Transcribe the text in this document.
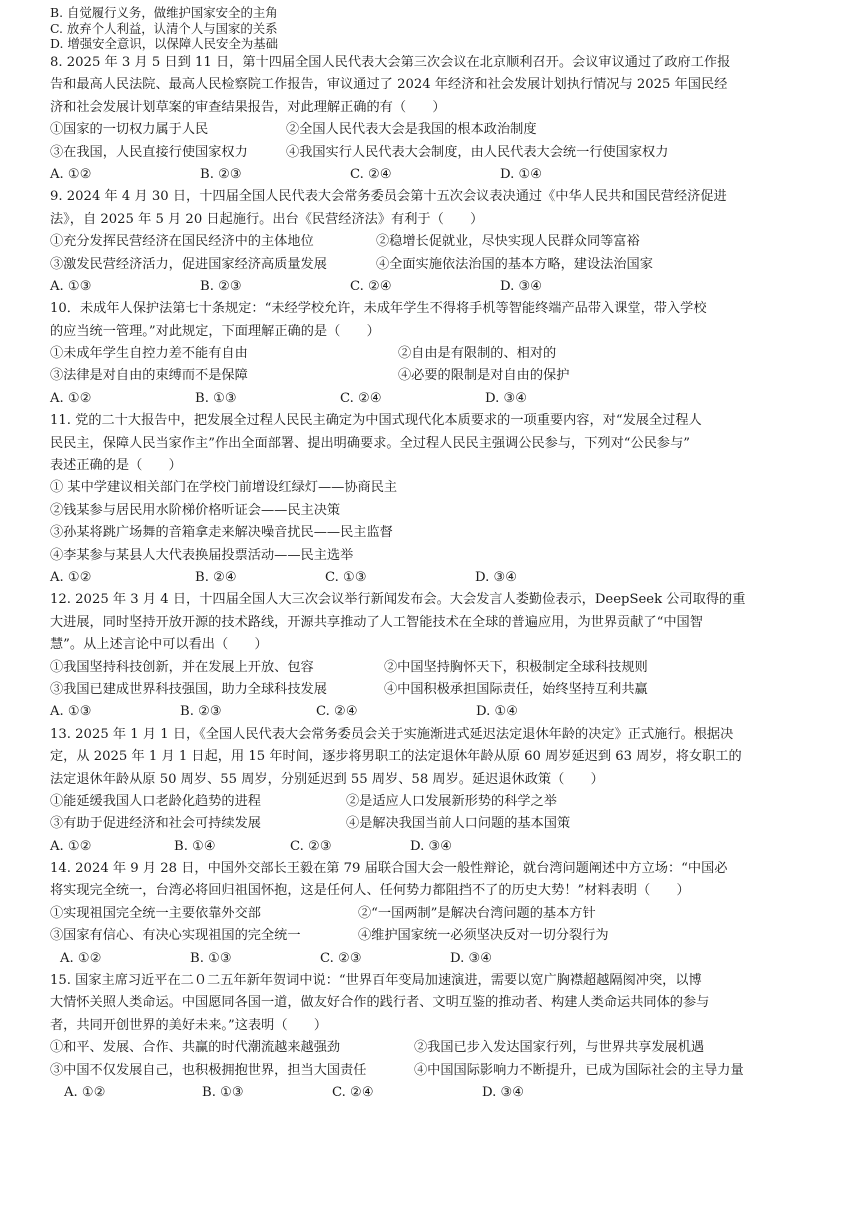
B. 自觉履行义务，做维护国家安全的主角
C. 放弃个人利益，认清个人与国家的关系
D. 增强安全意识，以保障人民安全为基础
8. 2025 年 3 月 5 日到 11 日，第十四届全国人民代表大会第三次会议在北京顺利召开。会议审议通过了政府工作报
告和最高人民法院、最高人民检察院工作报告，审议通过了 2024 年经济和社会发展计划执行情况与 2025 年国民经
济和社会发展计划草案的审查结果报告，对此理解正确的有（　　）
①国家的一切权力属于人民	②全国人民代表大会是我国的根本政治制度
③在我国，人民直接行使国家权力	④我国实行人民代表大会制度，由人民代表大会统一行使国家权力
A. ①②	B. ②③	C. ②④	D. ①④
9. 2024 年 4 月 30 日，十四届全国人民代表大会常务委员会第十五次会议表决通过《中华人民共和国民营经济促进
法》，自 2025 年 5 月 20 日起施行。出台《民营经济法》有利于（　　）
①充分发挥民营经济在国民经济中的主体地位	②稳增长促就业，尽快实现人民群众同等富裕
③激发民营经济活力，促进国家经济高质量发展	④全面实施依法治国的基本方略，建设法治国家
A. ①③	B. ②③	C. ②④	D. ③④
10．未成年人保护法第七十条规定：“未经学校允许，未成年学生不得将手机等智能终端产品带入课堂，带入学校
的应当统一管理。”对此规定，下面理解正确的是（　　）
①未成年学生自控力差不能有自由	②自由是有限制的、相对的
③法律是对自由的束缚而不是保障	④必要的限制是对自由的保护
A. ①②	B. ①③	C. ②④	D. ③④
11. 党的二十大报告中，把发展全过程人民民主确定为中国式现代化本质要求的一项重要内容，对“发展全过程人
民民主，保障人民当家作主”作出全面部署、提出明确要求。全过程人民民主强调公民参与，下列对“公民参与”
表述正确的是（　　）
① 某中学建议相关部门在学校门前增设红绿灯——协商民主
②钱某参与居民用水阶梯价格听证会——民主决策
③孙某将跳广场舞的音箱拿走来解决噪音扰民——民主监督
④李某参与某县人大代表换届投票活动——民主选举
A. ①②	B. ②④	C. ①③	D. ③④
12. 2025 年 3 月 4 日，十四届全国人大三次会议举行新闻发布会。大会发言人娄勤俭表示，DeepSeek 公司取得的重
大进展，同时坚持开放开源的技术路线，开源共享推动了人工智能技术在全球的普遍应用，为世界贡献了“中国智
慧”。从上述言论中可以看出（　　）
①我国坚持科技创新，并在发展上开放、包容	②中国坚持胸怀天下，积极制定全球科技规则
③我国已建成世界科技强国，助力全球科技发展	④中国积极承担国际责任，始终坚持互利共赢
A. ①③	B. ②③	C. ②④	D. ①④
13. 2025 年 1 月 1 日，《全国人民代表大会常务委员会关于实施渐进式延迟法定退休年龄的决定》正式施行。根据决
定，从 2025 年 1 月 1 日起，用 15 年时间，逐步将男职工的法定退休年龄从原 60 周岁延迟到 63 周岁，将女职工的
法定退休年龄从原 50 周岁、55 周岁，分别延迟到 55 周岁、58 周岁。延迟退休政策（　　）
①能延缓我国人口老龄化趋势的进程	②是适应人口发展新形势的科学之举
③有助于促进经济和社会可持续发展	④是解决我国当前人口问题的基本国策
A. ①②	B. ①④	C. ②③	D. ③④
14. 2024 年 9 月 28 日，中国外交部长王毅在第 79 届联合国大会一般性辩论，就台湾问题阐述中方立场：“中国必
将实现完全统一，台湾必将回归祖国怀抱，这是任何人、任何势力都阻挡不了的历史大势！”材料表明（　　）
①实现祖国完全统一主要依靠外交部	②“一国两制”是解决台湾问题的基本方针
③国家有信心、有决心实现祖国的完全统一	④维护国家统一必须坚决反对一切分裂行为
A. ①②	B. ①③	C. ②③	D. ③④
15. 国家主席习近平在二０二五年新年贺词中说：“世界百年变局加速演进，需要以宽广胸襟超越隔阂冲突，以博
大情怀关照人类命运。中国愿同各国一道，做友好合作的践行者、文明互鉴的推动者、构建人类命运共同体的参与
者，共同开创世界的美好未来。”这表明（　　）
①和平、发展、合作、共赢的时代潮流越来越强劲	②我国已步入发达国家行列，与世界共享发展机遇
③中国不仅发展自己，也积极拥抱世界，担当大国责任	④中国国际影响力不断提升，已成为国际社会的主导力量
A. ①②	B. ①③	C. ②④	D. ③④
